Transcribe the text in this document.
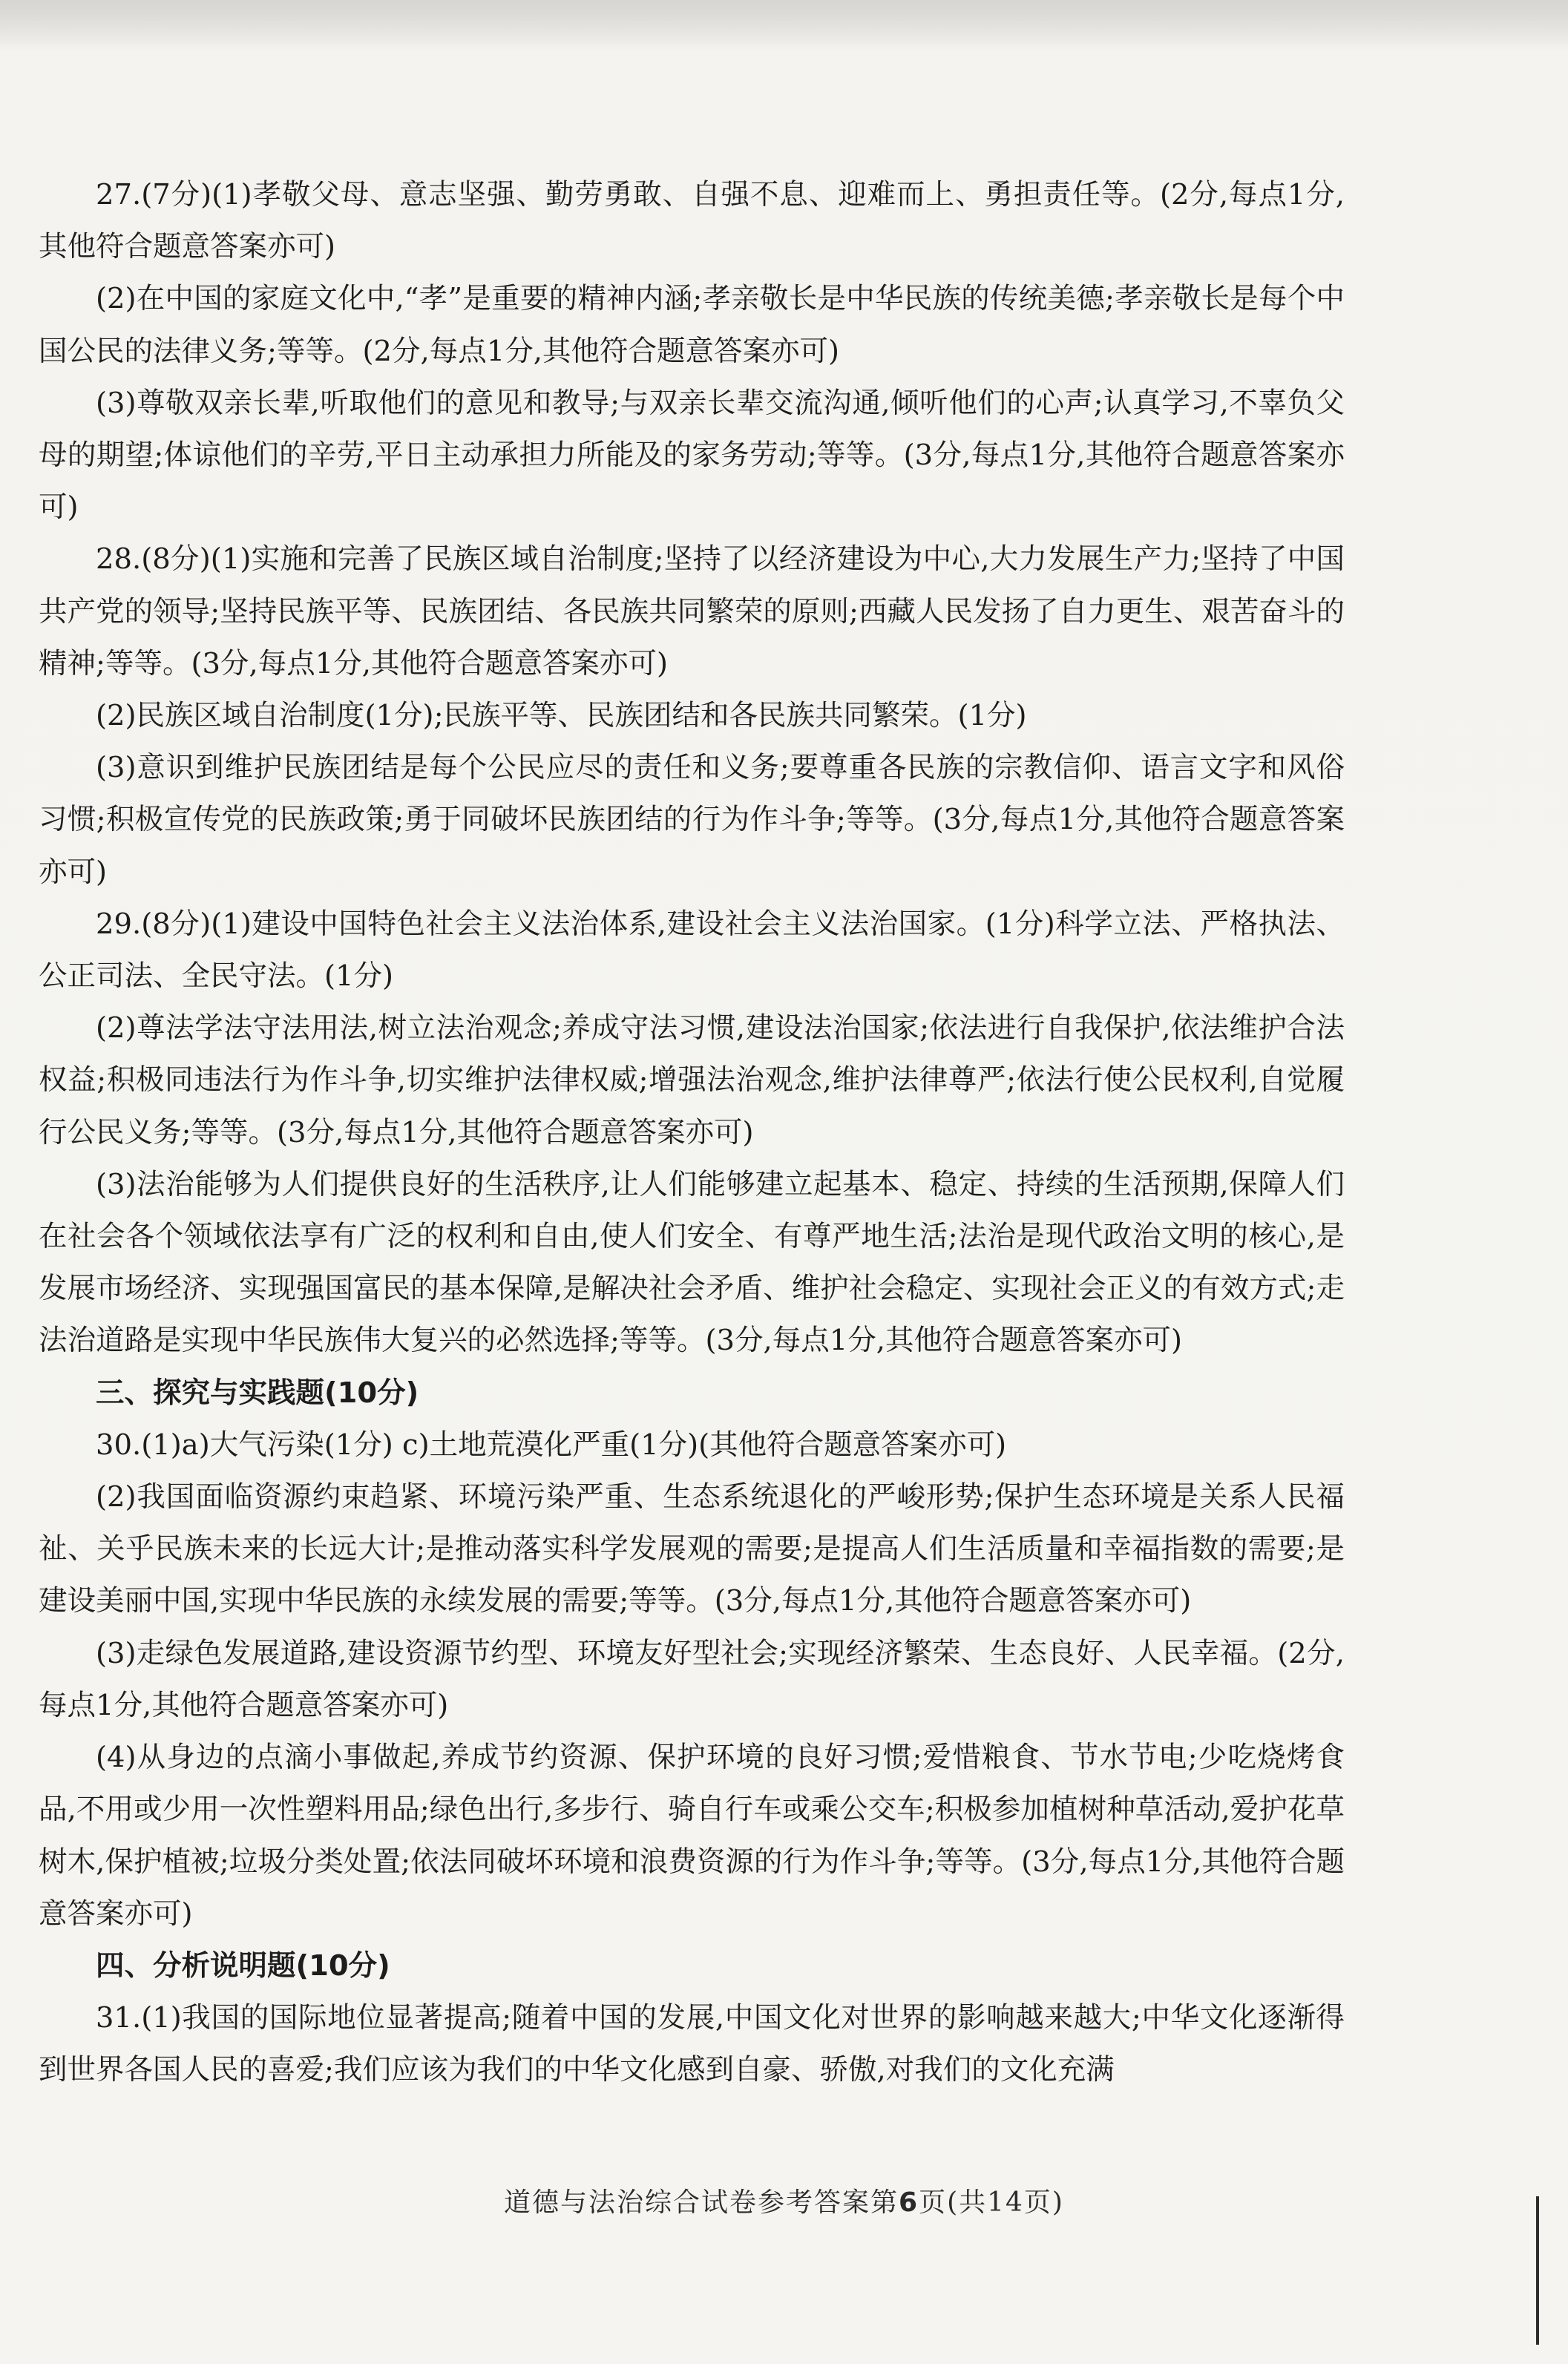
27.(7分)(1)孝敬父母、意志坚强、勤劳勇敢、自强不息、迎难而上、勇担责任等。(2分,每点1分,其他符合题意答案亦可)

(2)在中国的家庭文化中,“孝”是重要的精神内涵;孝亲敬长是中华民族的传统美德;孝亲敬长是每个中国公民的法律义务;等等。(2分,每点1分,其他符合题意答案亦可)

(3)尊敬双亲长辈,听取他们的意见和教导;与双亲长辈交流沟通,倾听他们的心声;认真学习,不辜负父母的期望;体谅他们的辛劳,平日主动承担力所能及的家务劳动;等等。(3分,每点1分,其他符合题意答案亦可)

28.(8分)(1)实施和完善了民族区域自治制度;坚持了以经济建设为中心,大力发展生产力;坚持了中国共产党的领导;坚持民族平等、民族团结、各民族共同繁荣的原则;西藏人民发扬了自力更生、艰苦奋斗的精神;等等。(3分,每点1分,其他符合题意答案亦可)

(2)民族区域自治制度(1分);民族平等、民族团结和各民族共同繁荣。(1分)

(3)意识到维护民族团结是每个公民应尽的责任和义务;要尊重各民族的宗教信仰、语言文字和风俗习惯;积极宣传党的民族政策;勇于同破坏民族团结的行为作斗争;等等。(3分,每点1分,其他符合题意答案亦可)

29.(8分)(1)建设中国特色社会主义法治体系,建设社会主义法治国家。(1分)科学立法、严格执法、公正司法、全民守法。(1分)

(2)尊法学法守法用法,树立法治观念;养成守法习惯,建设法治国家;依法进行自我保护,依法维护合法权益;积极同违法行为作斗争,切实维护法律权威;增强法治观念,维护法律尊严;依法行使公民权利,自觉履行公民义务;等等。(3分,每点1分,其他符合题意答案亦可)

(3)法治能够为人们提供良好的生活秩序,让人们能够建立起基本、稳定、持续的生活预期,保障人们在社会各个领域依法享有广泛的权利和自由,使人们安全、有尊严地生活;法治是现代政治文明的核心,是发展市场经济、实现强国富民的基本保障,是解决社会矛盾、维护社会稳定、实现社会正义的有效方式;走法治道路是实现中华民族伟大复兴的必然选择;等等。(3分,每点1分,其他符合题意答案亦可)

三、探究与实践题(10分)

30.(1)a)大气污染(1分) c)土地荒漠化严重(1分)(其他符合题意答案亦可)

(2)我国面临资源约束趋紧、环境污染严重、生态系统退化的严峻形势;保护生态环境是关系人民福祉、关乎民族未来的长远大计;是推动落实科学发展观的需要;是提高人们生活质量和幸福指数的需要;是建设美丽中国,实现中华民族的永续发展的需要;等等。(3分,每点1分,其他符合题意答案亦可)

(3)走绿色发展道路,建设资源节约型、环境友好型社会;实现经济繁荣、生态良好、人民幸福。(2分,每点1分,其他符合题意答案亦可)

(4)从身边的点滴小事做起,养成节约资源、保护环境的良好习惯;爱惜粮食、节水节电;少吃烧烤食品,不用或少用一次性塑料用品;绿色出行,多步行、骑自行车或乘公交车;积极参加植树种草活动,爱护花草树木,保护植被;垃圾分类处置;依法同破坏环境和浪费资源的行为作斗争;等等。(3分,每点1分,其他符合题意答案亦可)

四、分析说明题(10分)

31.(1)我国的国际地位显著提高;随着中国的发展,中国文化对世界的影响越来越大;中华文化逐渐得到世界各国人民的喜爱;我们应该为我们的中华文化感到自豪、骄傲,对我们的文化充满

道德与法治综合试卷参考答案第6页(共14页)
